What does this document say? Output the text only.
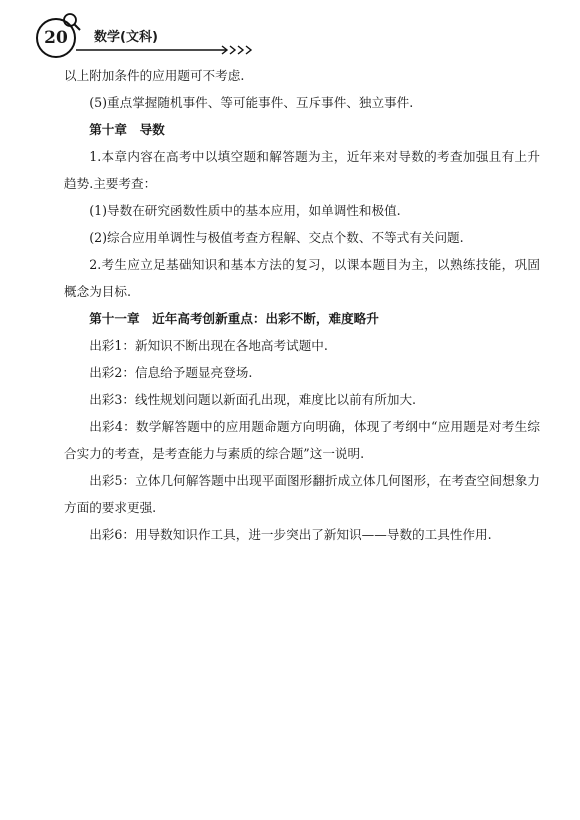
20 数学(文科)

以上附加条件的应用题可不考虑.

(5)重点掌握随机事件、等可能事件、互斥事件、独立事件.

第十章　导数

1.本章内容在高考中以填空题和解答题为主，近年来对导数的考查加强且有上升趋势.主要考查：

(1)导数在研究函数性质中的基本应用，如单调性和极值.

(2)综合应用单调性与极值考查方程解、交点个数、不等式有关问题.

2.考生应立足基础知识和基本方法的复习，以课本题目为主，以熟练技能，巩固概念为目标.

第十一章　近年高考创新重点：出彩不断，难度略升

出彩1：新知识不断出现在各地高考试题中.

出彩2：信息给予题显亮登场.

出彩3：线性规划问题以新面孔出现，难度比以前有所加大.

出彩4：数学解答题中的应用题命题方向明确，体现了考纲中“应用题是对考生综合实力的考查，是考查能力与素质的综合题”这一说明.

出彩5：立体几何解答题中出现平面图形翻折成立体几何图形，在考查空间想象力方面的要求更强.

出彩6：用导数知识作工具，进一步突出了新知识——导数的工具性作用.
